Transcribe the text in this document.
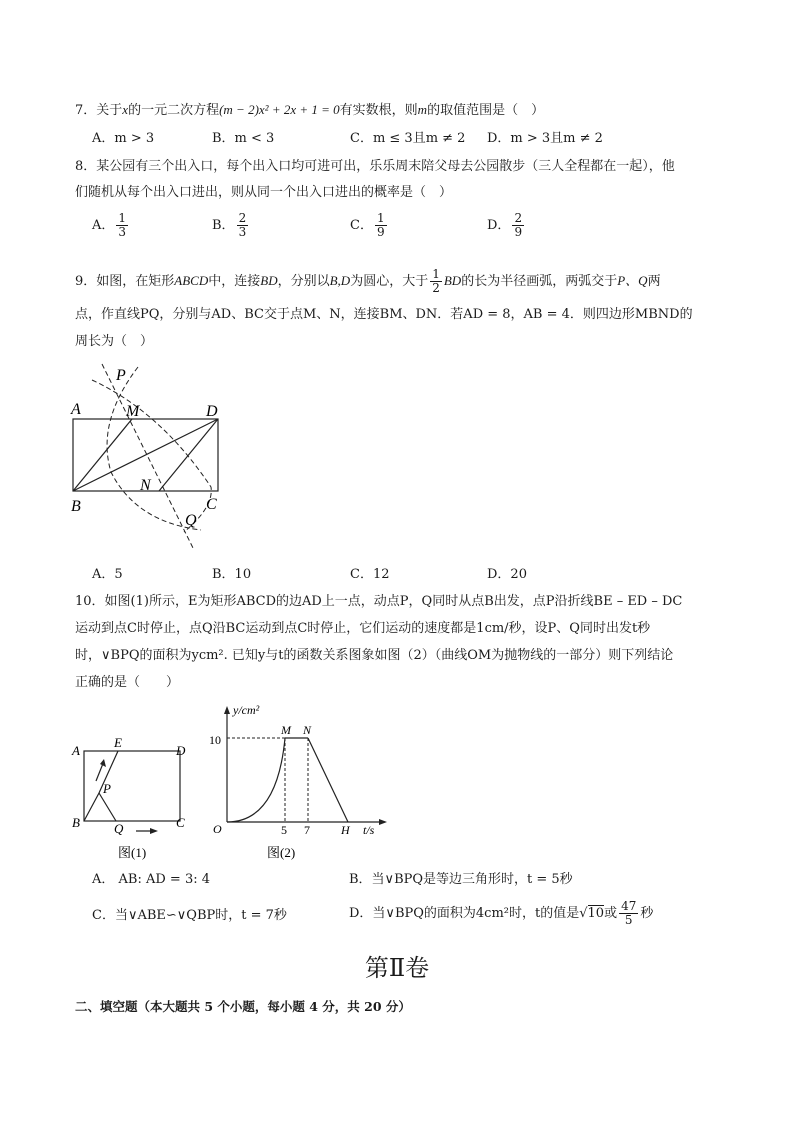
7．关于x的一元二次方程(m − 2)x² + 2x + 1 = 0有实数根，则m的取值范围是（　）
A．m > 3	B．m < 3	C．m ≤ 3且m ≠ 2 D．m > 3且m ≠ 2
8．某公园有三个出入口，每个出入口均可进可出，乐乐周末陪父母去公园散步（三人全程都在一起），他
们随机从每个出入口进出，则从同一个出入口进出的概率是（　）
A． $\frac{1}{3}$	B． $\frac{2}{3}$	C． $\frac{1}{9}$	D． $\frac{2}{9}$
9．如图，在矩形ABCD中，连接BD，分别以B,D为圆心，大于 $\frac{1}{2}$ BD的长为半径画弧，两弧交于P、Q两
点，作直线PQ，分别与AD、BC交于点M、N，连接BM、DN．若AD = 8，AB = 4．则四边形MBND的
周长为（　）
P
A	M	D
N
B	C
Q
A．5	B．10	C．12	D．20
10．如图(1)所示，E为矩形ABCD的边AD上一点，动点P，Q同时从点B出发，点P沿折线BE – ED – DC
运动到点C时停止，点Q沿BC运动到点C时停止，它们运动的速度都是1cm/秒，设P、Q同时出发t秒
时，∨BPQ的面积为ycm². 已知y与t的函数关系图象如图（2）（曲线OM为抛物线的一部分）则下列结论
正确的是（　　）
A
E
D
P
B	Q	C
图(1)
y/cm²
10
M N
O	5 7	H t/s
图(2)
A． AB: AD = 3: 4	B．当∨BPQ是等边三角形时，t = 5秒
C．当∨ABE∽∨QBP时，t = 7秒	D．当∨BPQ的面积为4cm²时，t的值是√10或 $\frac{47}{5}$ 秒
第Ⅱ卷
二、填空题（本大题共 5 个小题，每小题 4 分，共 20 分）
